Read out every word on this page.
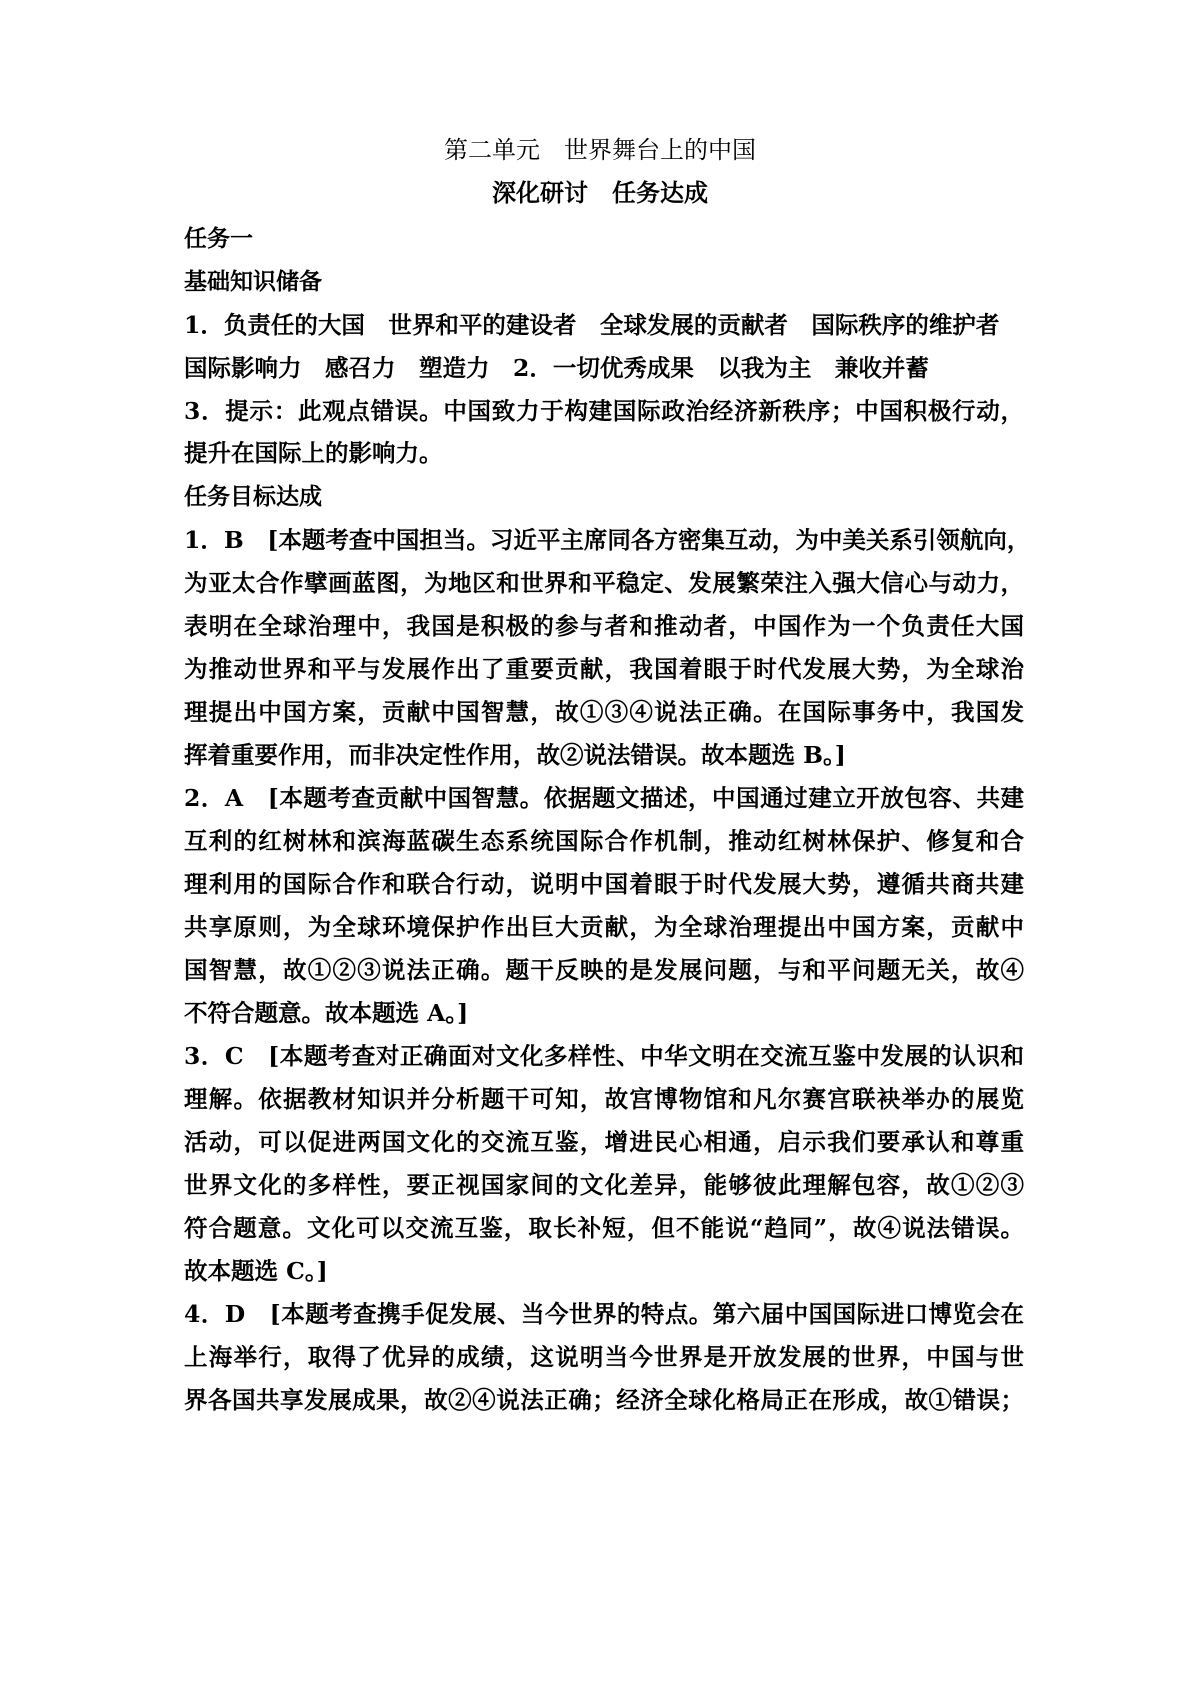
第二单元　世界舞台上的中国
深化研讨　任务达成
任务一
基础知识储备
1．负责任的大国　世界和平的建设者　全球发展的贡献者　国际秩序的维护者
国际影响力　感召力　塑造力　2．一切优秀成果　以我为主　兼收并蓄
3．提示：此观点错误。中国致力于构建国际政治经济新秩序；中国积极行动，
提升在国际上的影响力。
任务目标达成
1．B　[本题考查中国担当。习近平主席同各方密集互动，为中美关系引领航向，
为亚太合作擘画蓝图，为地区和世界和平稳定、发展繁荣注入强大信心与动力，
表明在全球治理中，我国是积极的参与者和推动者，中国作为一个负责任大国
为推动世界和平与发展作出了重要贡献，我国着眼于时代发展大势，为全球治
理提出中国方案，贡献中国智慧，故①③④说法正确。在国际事务中，我国发
挥着重要作用，而非决定性作用，故②说法错误。故本题选 B。]
2．A　[本题考查贡献中国智慧。依据题文描述，中国通过建立开放包容、共建
互利的红树林和滨海蓝碳生态系统国际合作机制，推动红树林保护、修复和合
理利用的国际合作和联合行动，说明中国着眼于时代发展大势，遵循共商共建
共享原则，为全球环境保护作出巨大贡献，为全球治理提出中国方案，贡献中
国智慧，故①②③说法正确。题干反映的是发展问题，与和平问题无关，故④
不符合题意。故本题选 A。]
3．C　[本题考查对正确面对文化多样性、中华文明在交流互鉴中发展的认识和
理解。依据教材知识并分析题干可知，故宫博物馆和凡尔赛宫联袂举办的展览
活动，可以促进两国文化的交流互鉴，增进民心相通，启示我们要承认和尊重
世界文化的多样性，要正视国家间的文化差异，能够彼此理解包容，故①②③
符合题意。文化可以交流互鉴，取长补短，但不能说“趋同”，故④说法错误。
故本题选 C。]
4．D　[本题考查携手促发展、当今世界的特点。第六届中国国际进口博览会在
上海举行，取得了优异的成绩，这说明当今世界是开放发展的世界，中国与世
界各国共享发展成果，故②④说法正确；经济全球化格局正在形成，故①错误；
